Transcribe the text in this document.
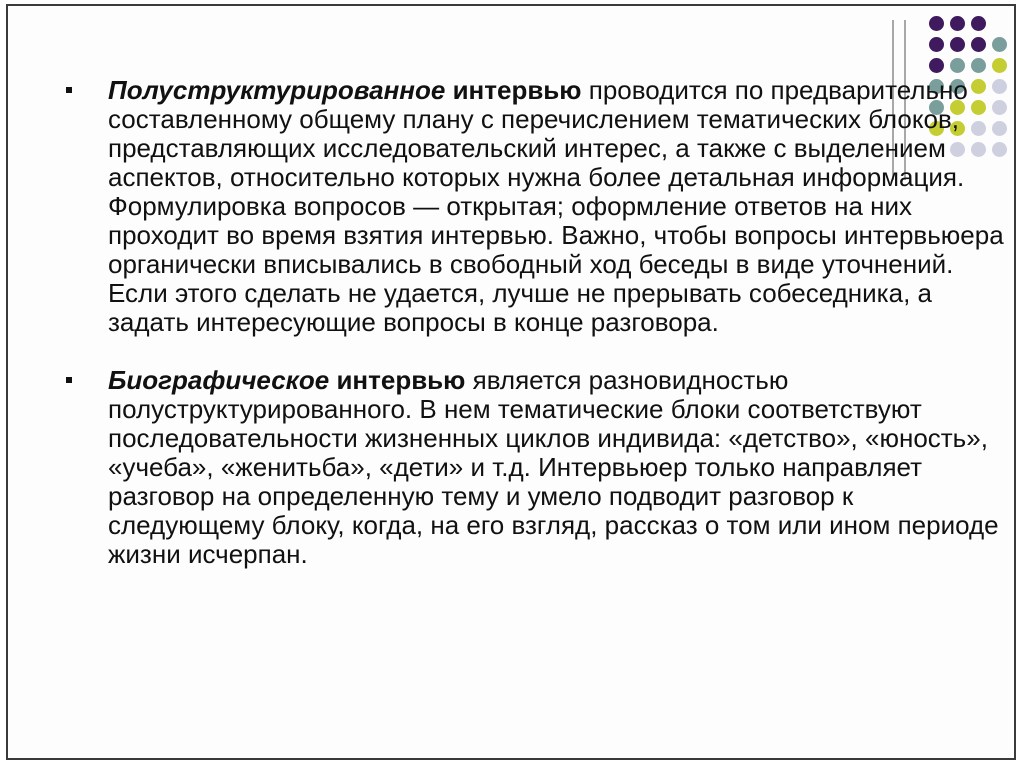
Полуструктурированное интервью проводится по предварительно составленному общему плану с перечислением тематических блоков, представляющих исследовательский интерес, а также с выделением аспектов, относительно которых нужна более детальная информация. Формулировка вопросов — открытая; оформление ответов на них проходит во время взятия интервью. Важно, чтобы вопросы интервьюера органически вписывались в свободный ход беседы в виде уточнений. Если этого сделать не удается, лучше не прерывать собеседника, а задать интересующие вопросы в конце разговора.

Биографическое интервью является разновидностью полуструктурированного. В нем тематические блоки соответствуют последовательности жизненных циклов индивида: «детство», «юность», «учеба», «женитьба», «дети» и т.д. Интервьюер только направляет разговор на определенную тему и умело подводит разговор к следующему блоку, когда, на его взгляд, рассказ о том или ином периоде жизни исчерпан.
